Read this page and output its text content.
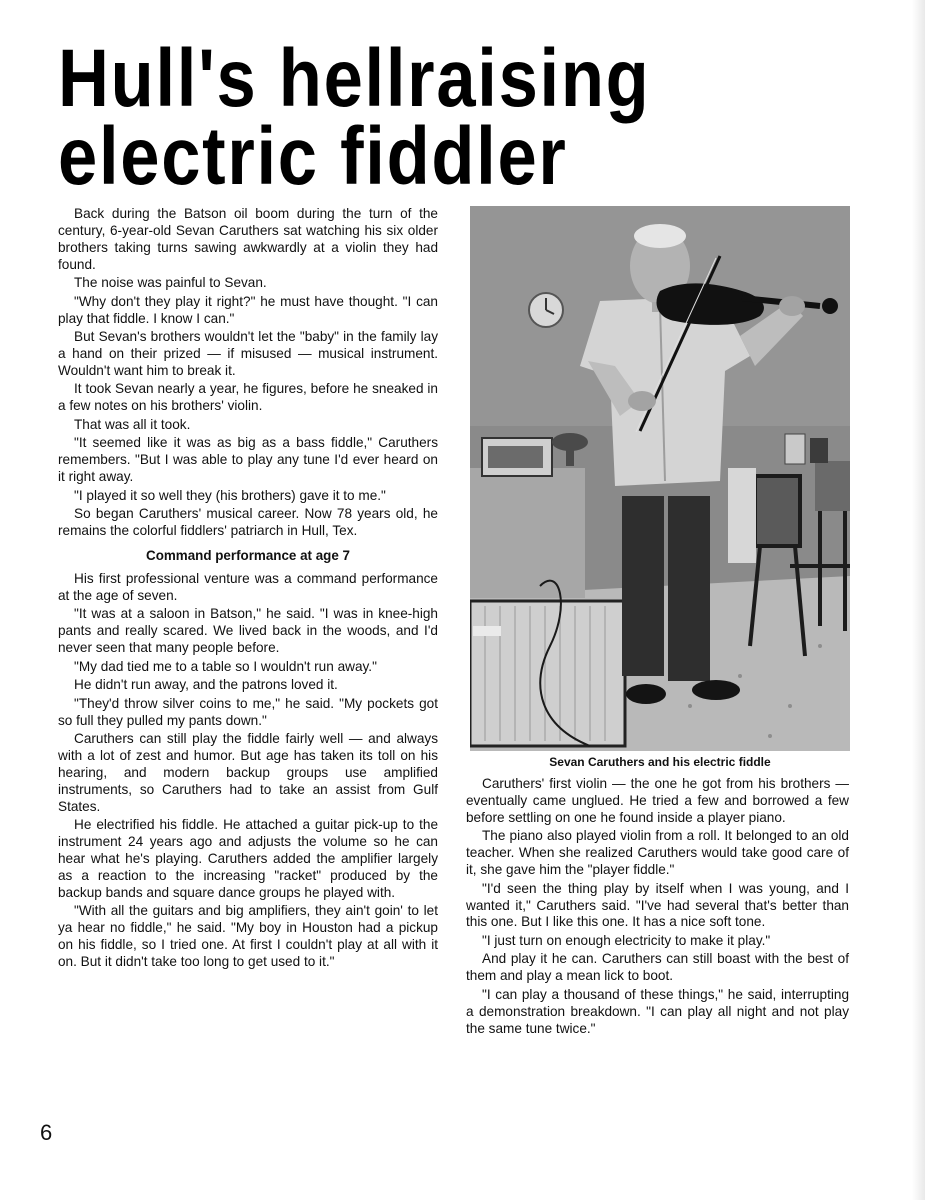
Hull's hellraising electric fiddler

Back during the Batson oil boom during the turn of the century, 6-year-old Sevan Caruthers sat watching his six older brothers taking turns sawing awkwardly at a violin they had found.

The noise was painful to Sevan.

"Why don't they play it right?" he must have thought. "I can play that fiddle. I know I can."

But Sevan's brothers wouldn't let the "baby" in the family lay a hand on their prized — if misused — musical instrument. Wouldn't want him to break it.

It took Sevan nearly a year, he figures, before he sneaked in a few notes on his brothers' violin.

That was all it took.

"It seemed like it was as big as a bass fiddle," Caruthers remembers. "But I was able to play any tune I'd ever heard on it right away.

"I played it so well they (his brothers) gave it to me."

So began Caruthers' musical career. Now 78 years old, he remains the colorful fiddlers' patriarch in Hull, Tex.

Command performance at age 7

His first professional venture was a command performance at the age of seven.

"It was at a saloon in Batson," he said. "I was in knee-high pants and really scared. We lived back in the woods, and I'd never seen that many people before.

"My dad tied me to a table so I wouldn't run away."

He didn't run away, and the patrons loved it.

"They'd throw silver coins to me," he said. "My pockets got so full they pulled my pants down."

Caruthers can still play the fiddle fairly well — and always with a lot of zest and humor. But age has taken its toll on his hearing, and modern backup groups use amplified instruments, so Caruthers had to take an assist from Gulf States.

He electrified his fiddle. He attached a guitar pick-up to the instrument 24 years ago and adjusts the volume so he can hear what he's playing. Caruthers added the amplifier largely as a reaction to the increasing "racket" produced by the backup bands and square dance groups he played with.

"With all the guitars and big amplifiers, they ain't goin' to let ya hear no fiddle," he said. "My boy in Houston had a pickup on his fiddle, so I tried one. At first I couldn't play at all with it on. But it didn't take too long to get used to it."

Sevan Caruthers and his electric fiddle

Caruthers' first violin — the one he got from his brothers — eventually came unglued. He tried a few and borrowed a few before settling on one he found inside a player piano.

The piano also played violin from a roll. It belonged to an old teacher. When she realized Caruthers would take good care of it, she gave him the "player fiddle."

"I'd seen the thing play by itself when I was young, and I wanted it," Caruthers said. "I've had several that's better than this one. But I like this one. It has a nice soft tone.

"I just turn on enough electricity to make it play."

And play it he can. Caruthers can still boast with the best of them and play a mean lick to boot.

"I can play a thousand of these things," he said, interrupting a demonstration breakdown. "I can play all night and not play the same tune twice."

6
